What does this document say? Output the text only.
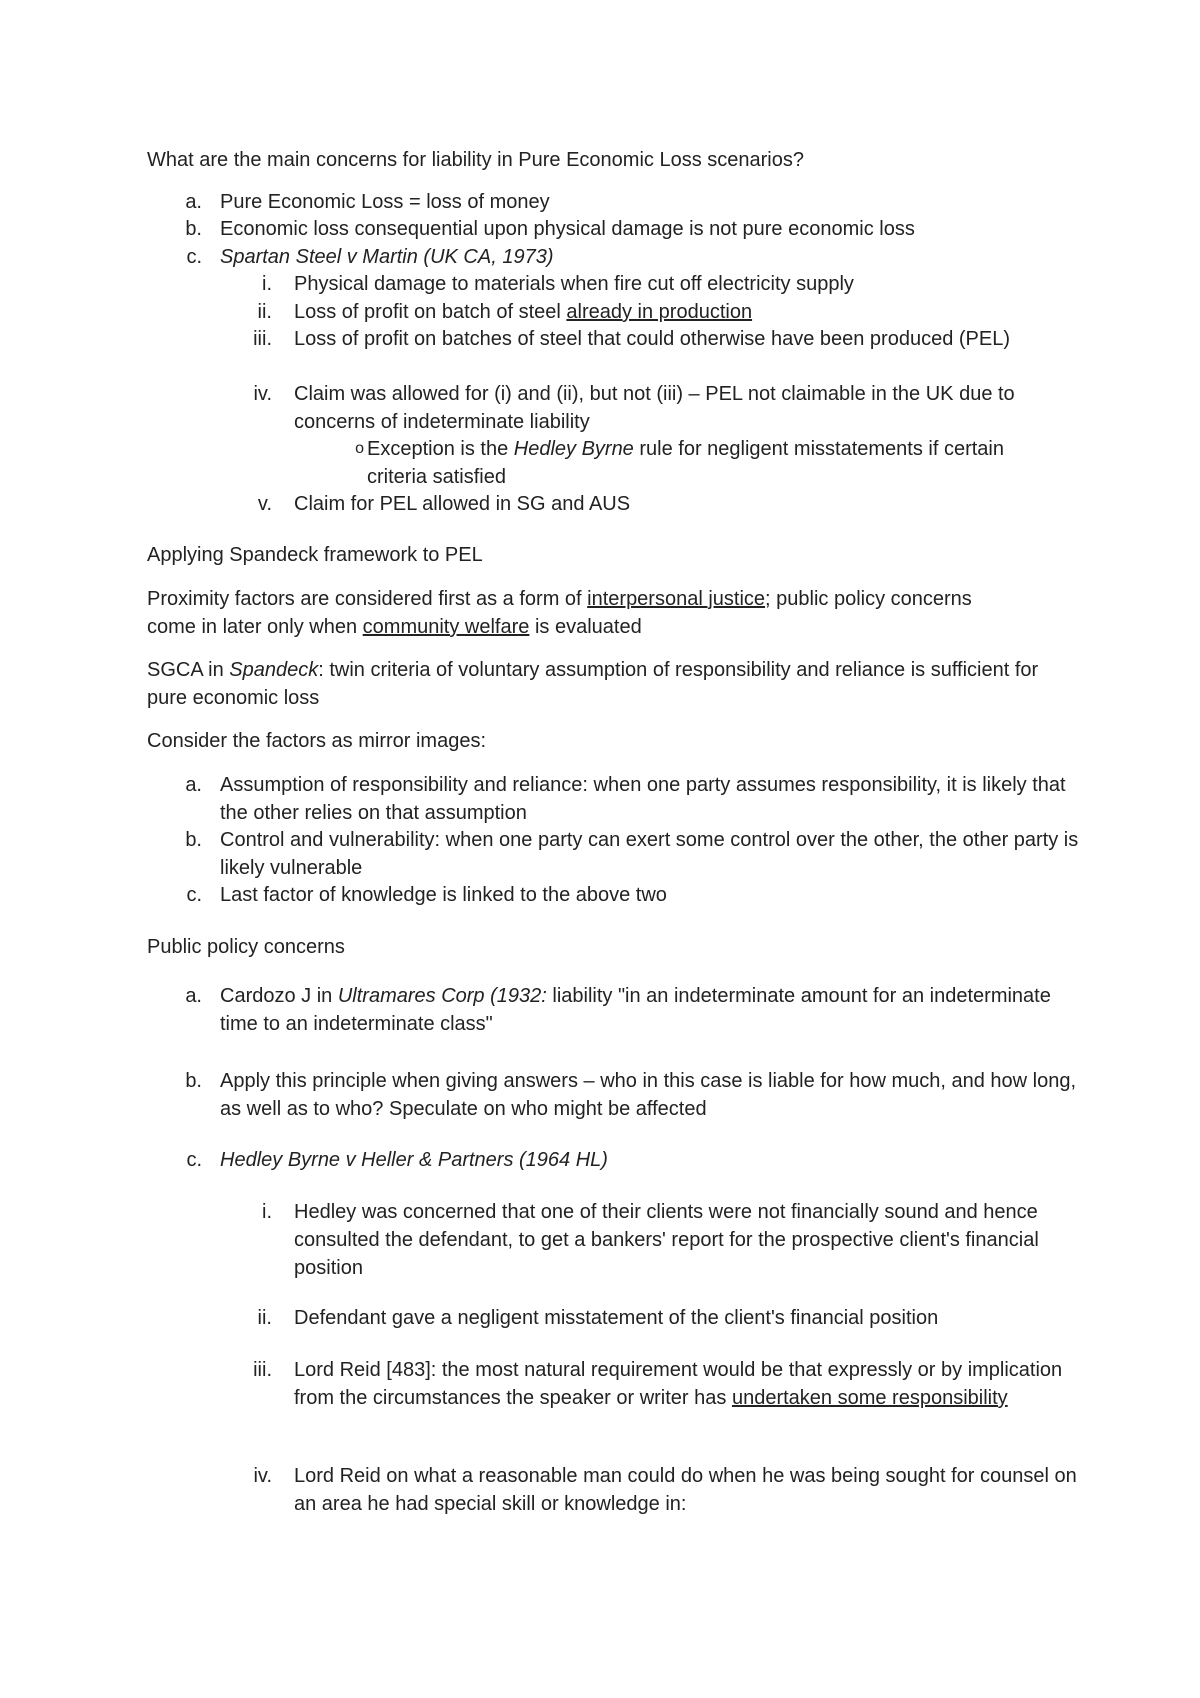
What are the main concerns for liability in Pure Economic Loss scenarios?

a. Pure Economic Loss = loss of money
b. Economic loss consequential upon physical damage is not pure economic loss
c. Spartan Steel v Martin (UK CA, 1973)
i. Physical damage to materials when fire cut off electricity supply
ii. Loss of profit on batch of steel already in production
iii. Loss of profit on batches of steel that could otherwise have been produced (PEL)
iv. Claim was allowed for (i) and (ii), but not (iii) – PEL not claimable in the UK due to concerns of indeterminate liability
o Exception is the Hedley Byrne rule for negligent misstatements if certain criteria satisfied
v. Claim for PEL allowed in SG and AUS

Applying Spandeck framework to PEL

Proximity factors are considered first as a form of interpersonal justice; public policy concerns come in later only when community welfare is evaluated

SGCA in Spandeck: twin criteria of voluntary assumption of responsibility and reliance is sufficient for pure economic loss

Consider the factors as mirror images:

a. Assumption of responsibility and reliance: when one party assumes responsibility, it is likely that the other relies on that assumption
b. Control and vulnerability: when one party can exert some control over the other, the other party is likely vulnerable
c. Last factor of knowledge is linked to the above two

Public policy concerns

a. Cardozo J in Ultramares Corp (1932: liability "in an indeterminate amount for an indeterminate time to an indeterminate class"
b. Apply this principle when giving answers – who in this case is liable for how much, and how long, as well as to who? Speculate on who might be affected
c. Hedley Byrne v Heller & Partners (1964 HL)
i. Hedley was concerned that one of their clients were not financially sound and hence consulted the defendant, to get a bankers' report for the prospective client's financial position
ii. Defendant gave a negligent misstatement of the client's financial position
iii. Lord Reid [483]: the most natural requirement would be that expressly or by implication from the circumstances the speaker or writer has undertaken some responsibility
iv. Lord Reid on what a reasonable man could do when he was being sought for counsel on an area he had special skill or knowledge in:
